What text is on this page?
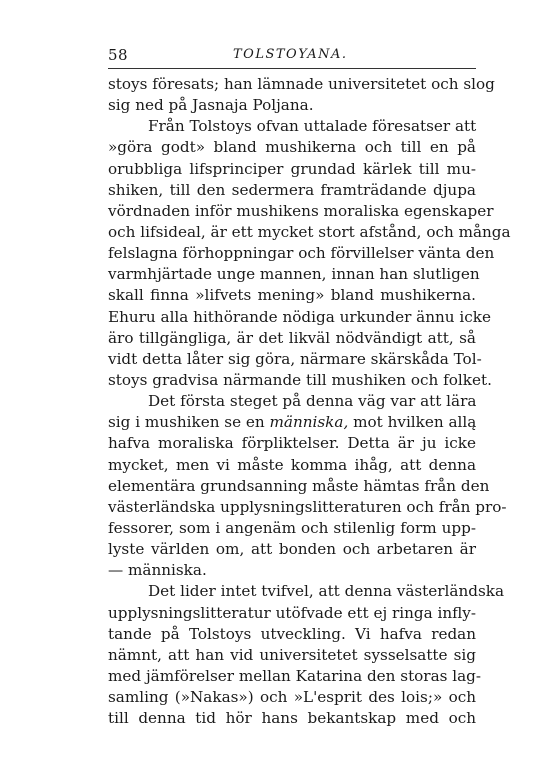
58	TOLSTOYANA.
stoys föresats; han lämnade universitetet och slog
sig ned på Jasnaja Poljana.
Från Tolstoys ofvan uttalade föresatser att
»göra godt» bland mushikerna och till en på
orubbliga lifsprinciper grundad kärlek till mu-
shiken, till den sedermera framträdande djupa
vördnaden inför mushikens moraliska egenskaper
och lifsideal, är ett mycket stort afstånd, och många
felslagna förhoppningar och förvillelser vänta den
varmhjärtade unge mannen, innan han slutligen
skall finna »lifvets mening» bland mushikerna.
Ehuru alla hithörande nödiga urkunder ännu icke
äro tillgängliga, är det likväl nödvändigt att, så
vidt detta låter sig göra, närmare skärskåda Tol-
stoys gradvisa närmande till mushiken och folket.
Det första steget på denna väg var att lära
sig i mushiken se en människa, mot hvilken allą
hafva moraliska förpliktelser. Detta är ju icke
mycket, men vi måste komma ihåg, att denna
elementära grundsanning måste hämtas från den
västerländska upplysningslitteraturen och från pro-
fessorer, som i angenäm och stilenlig form upp-
lyste världen om, att bonden och arbetaren är
— människa.
Det lider intet tvifvel, att denna västerländska
upplysningslitteratur utöfvade ett ej ringa infly-
tande på Tolstoys utveckling. Vi hafva redan
nämnt, att han vid universitetet sysselsatte sig
med jämförelser mellan Katarina den storas lag-
samling (»Nakas») och »L'esprit des lois;» och
till denna tid hör hans bekantskap med och
